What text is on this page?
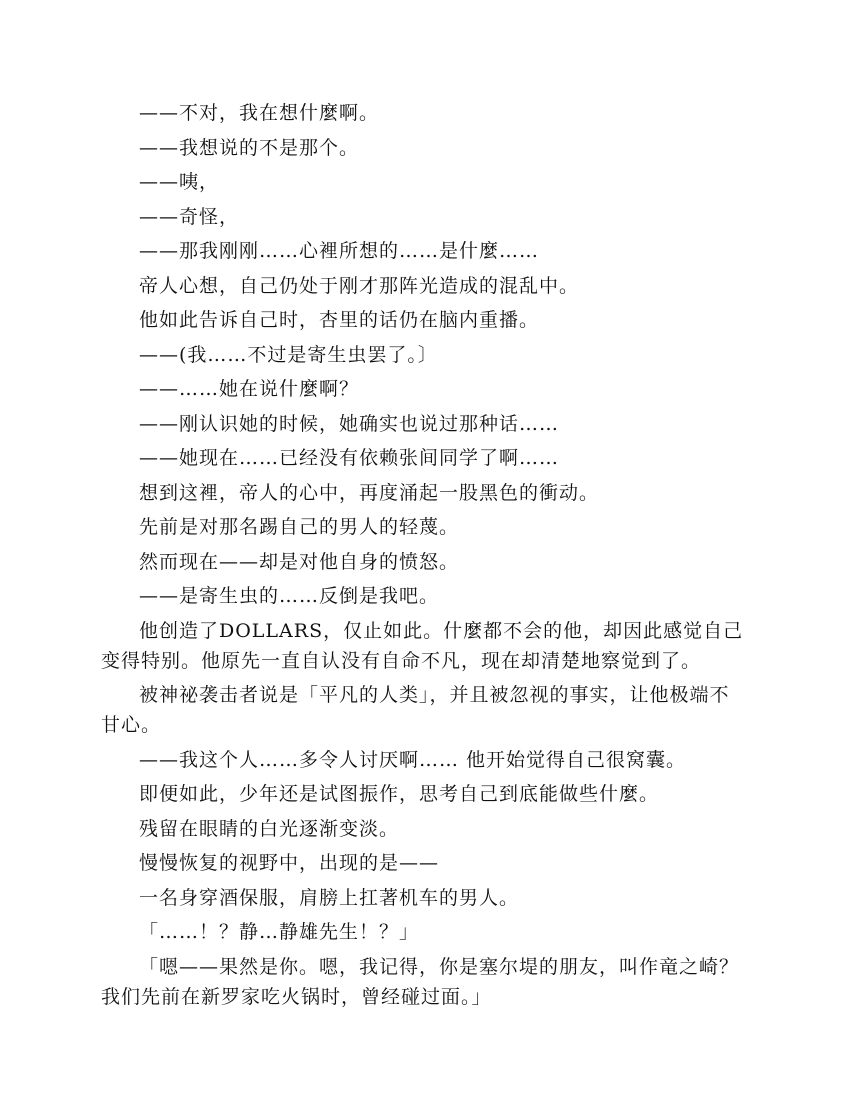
——不对，我在想什麼啊。

——我想说的不是那个。

——咦，

——奇怪，

——那我刚刚……心裡所想的……是什麼……

帝人心想，自己仍处于刚才那阵光造成的混乱中。

他如此告诉自己时，杏里的话仍在脑内重播。

——(我……不过是寄生虫罢了。〕

——……她在说什麼啊？

——刚认识她的时候，她确实也说过那种话……

——她现在……已经没有依赖张间同学了啊……

想到这裡，帝人的心中，再度涌起一股黑色的衝动。

先前是对那名踢自己的男人的轻蔑。

然而现在——却是对他自身的愤怒。

——是寄生虫的……反倒是我吧。

他创造了DOLLARS，仅止如此。什麼都不会的他，却因此感觉自己变得特别。他原先一直自认没有自命不凡，现在却清楚地察觉到了。

被神祕袭击者说是「平凡的人类」，并且被忽视的事实，让他极端不甘心。

——我这个人……多令人讨厌啊…… 他开始觉得自己很窝囊。

即便如此，少年还是试图振作，思考自己到底能做些什麼。

残留在眼睛的白光逐渐变淡。

慢慢恢复的视野中，出现的是——

一名身穿酒保服，肩膀上扛著机车的男人。

「……！？静…静雄先生！？」

「嗯——果然是你。嗯，我记得，你是塞尔堤的朋友，叫作竜之崎？我们先前在新罗家吃火锅时，曾经碰过面。」
